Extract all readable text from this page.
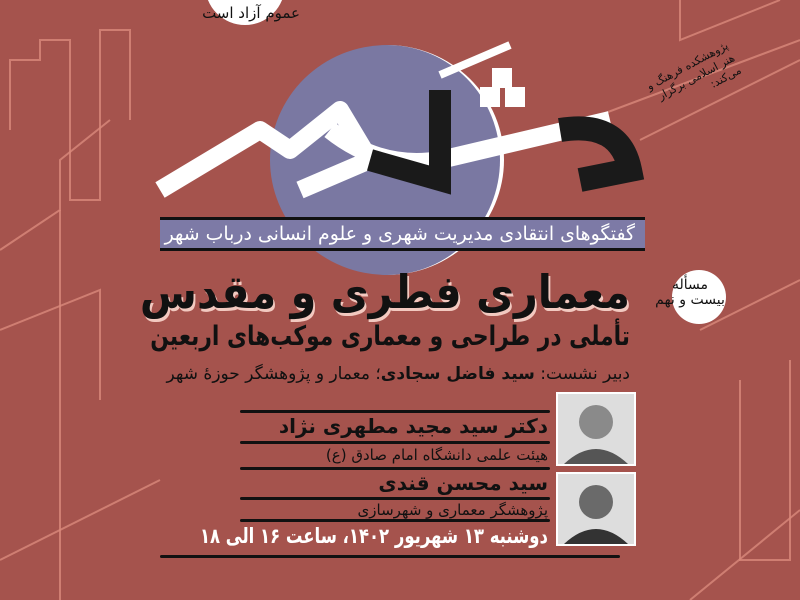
عموم آزاد است
پژوهشکده فرهنگ و هنر اسلامی برگزار می‌کند:
گفتگوهای انتقادی مدیریت شهری و علوم انسانی درباب شهر
معماری فطری و مقدس
تأملی در طراحی و معماری موکب‌های اربعین
دبیر نشست: سید فاضل سجادی؛ معمار و پژوهشگر حوزهٔ شهر
مسأله بیست و نهم
دکتر سید مجید مطهری نژاد
هیئت علمی دانشگاه امام صادق (ع)
سید محسن قندی
پژوهشگر معماری و شهرسازی
دوشنبه ۱۳ شهریور ۱۴۰۲، ساعت ۱۶ الی ۱۸
